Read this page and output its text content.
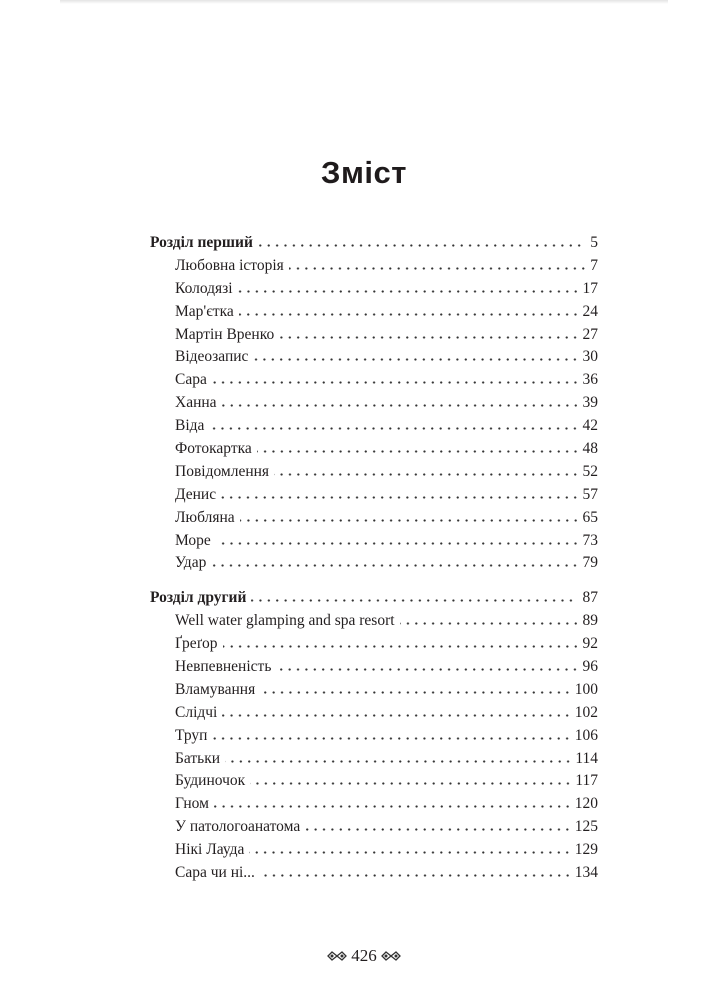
Зміст
Розділ перший	5
Любовна історія	7
Колодязі	17
Мар'єтка	24
Мартін Вренко	27
Відеозапис	30
Сара	36
Ханна	39
Віда	42
Фотокартка	48
Повідомлення	52
Денис	57
Любляна	65
Море	73
Удар	79
Розділ другий	87
Well water glamping and spa resort	89
Ґреґор	92
Невпевненість	96
Вламування	100
Слідчі	102
Труп	106
Батьки	114
Будиночок	117
Гном	120
У патологоанатома	125
Нікі Лауда	129
Сара чи ні...	134
426
